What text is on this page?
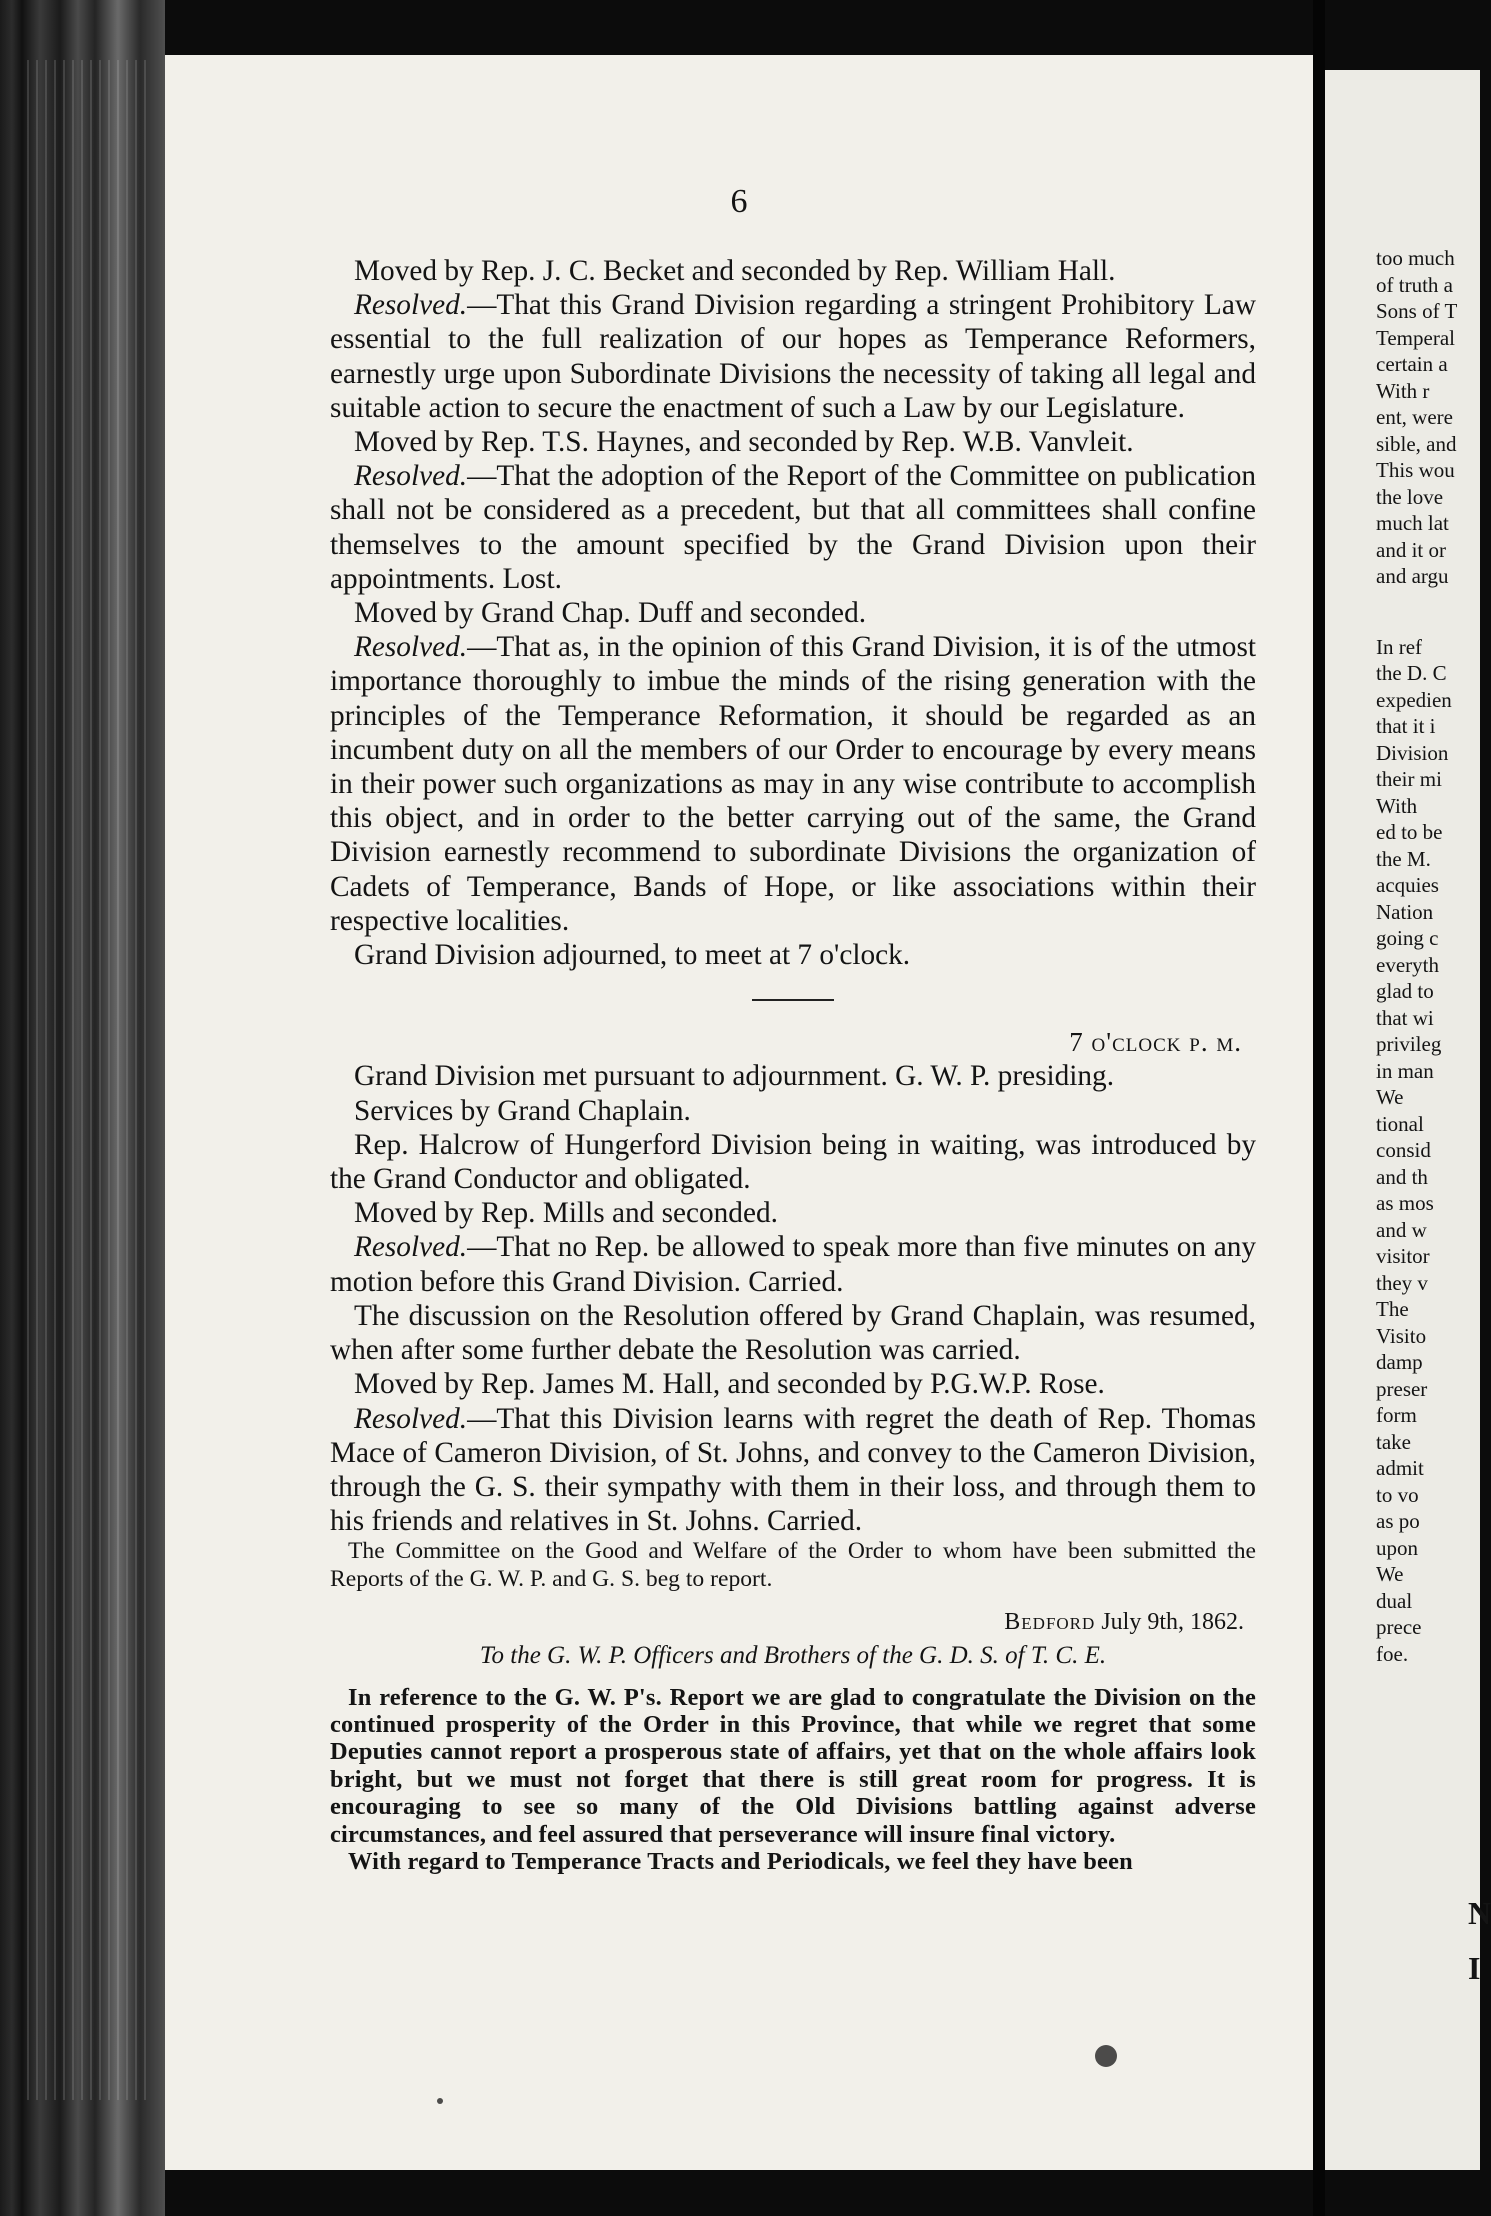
6

Moved by Rep. J. C. Becket and seconded by Rep. William Hall.

Resolved.—That this Grand Division regarding a stringent Prohibitory Law essential to the full realization of our hopes as Temperance Reformers, earnestly urge upon Subordinate Divisions the necessity of taking all legal and suitable action to secure the enactment of such a Law by our Legislature.

Moved by Rep. T.S. Haynes, and seconded by Rep. W.B. Vanvleit.

Resolved.—That the adoption of the Report of the Committee on publication shall not be considered as a precedent, but that all committees shall confine themselves to the amount specified by the Grand Division upon their appointments. Lost.

Moved by Grand Chap. Duff and seconded.

Resolved.—That as, in the opinion of this Grand Division, it is of the utmost importance thoroughly to imbue the minds of the rising generation with the principles of the Temperance Reformation, it should be regarded as an incumbent duty on all the members of our Order to encourage by every means in their power such organizations as may in any wise contribute to accomplish this object, and in order to the better carrying out of the same, the Grand Division earnestly recommend to subordinate Divisions the organization of Cadets of Temperance, Bands of Hope, or like associations within their respective localities.

Grand Division adjourned, to meet at 7 o'clock.

7 o'clock p. m.

Grand Division met pursuant to adjournment. G. W. P. presiding.

Services by Grand Chaplain.

Rep. Halcrow of Hungerford Division being in waiting, was introduced by the Grand Conductor and obligated.

Moved by Rep. Mills and seconded.

Resolved.—That no Rep. be allowed to speak more than five minutes on any motion before this Grand Division. Carried.

The discussion on the Resolution offered by Grand Chaplain, was resumed, when after some further debate the Resolution was carried.

Moved by Rep. James M. Hall, and seconded by P.G.W.P. Rose.

Resolved.—That this Division learns with regret the death of Rep. Thomas Mace of Cameron Division, of St. Johns, and convey to the Cameron Division, through the G. S. their sympathy with them in their loss, and through them to his friends and relatives in St. Johns. Carried.

The Committee on the Good and Welfare of the Order to whom have been submitted the Reports of the G. W. P. and G. S. beg to report.

Bedford July 9th, 1862.

To the G. W. P. Officers and Brothers of the G. D. S. of T. C. E.

In reference to the G. W. P's. Report we are glad to congratulate the Division on the continued prosperity of the Order in this Province, that while we regret that some Deputies cannot report a prosperous state of affairs, yet that on the whole affairs look bright, but we must not forget that there is still great room for progress. It is encouraging to see so many of the Old Divisions battling against adverse circumstances, and feel assured that perseverance will insure final victory.

With regard to Temperance Tracts and Periodicals, we feel they have been

too much
of truth a
Sons of T
Temperal
certain a
With r
ent, were
sible, and
This wou
the love
much lat
and it or
and argu
In ref
the D. C
expedien
that it i
Division
their mi
With
ed to be
the M.
acquies
Nation
going c
everyth
glad to
that wi
privileg
in man
We
tional
consid
and th
as mos
and w
visitor
they v
The
Visito
damp
preser
form
take
admit
to vo
as po
upon
We
dual
prece
foe.
N
I
